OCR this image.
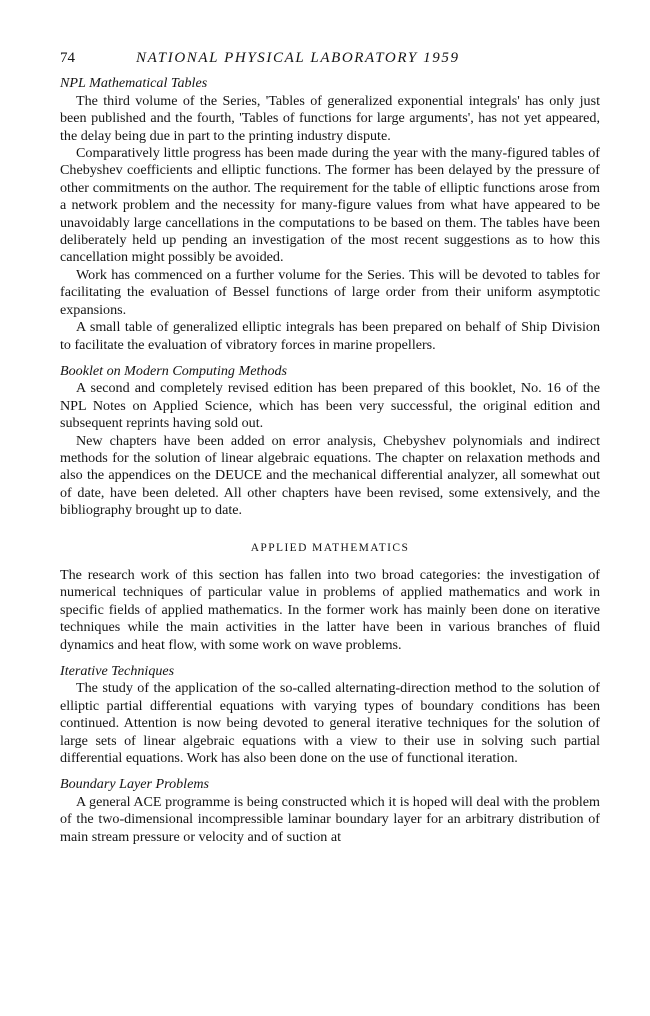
74	NATIONAL PHYSICAL LABORATORY 1959

NPL Mathematical Tables

The third volume of the Series, 'Tables of generalized exponential integrals' has only just been published and the fourth, 'Tables of functions for large arguments', has not yet appeared, the delay being due in part to the printing industry dispute.

Comparatively little progress has been made during the year with the many-figured tables of Chebyshev coefficients and elliptic functions. The former has been delayed by the pressure of other commitments on the author. The requirement for the table of elliptic functions arose from a network problem and the necessity for many-figure values from what have appeared to be unavoidably large cancellations in the computations to be based on them. The tables have been deliberately held up pending an investigation of the most recent suggestions as to how this cancellation might possibly be avoided.

Work has commenced on a further volume for the Series. This will be devoted to tables for facilitating the evaluation of Bessel functions of large order from their uniform asymptotic expansions.

A small table of generalized elliptic integrals has been prepared on behalf of Ship Division to facilitate the evaluation of vibratory forces in marine propellers.

Booklet on Modern Computing Methods

A second and completely revised edition has been prepared of this booklet, No. 16 of the NPL Notes on Applied Science, which has been very successful, the original edition and subsequent reprints having sold out.

New chapters have been added on error analysis, Chebyshev polynomials and indirect methods for the solution of linear algebraic equations. The chapter on relaxation methods and also the appendices on the DEUCE and the mechanical differential analyzer, all somewhat out of date, have been deleted. All other chapters have been revised, some extensively, and the bibliography brought up to date.

APPLIED MATHEMATICS

The research work of this section has fallen into two broad categories: the investigation of numerical techniques of particular value in problems of applied mathematics and work in specific fields of applied mathematics. In the former work has mainly been done on iterative techniques while the main activities in the latter have been in various branches of fluid dynamics and heat flow, with some work on wave problems.

Iterative Techniques

The study of the application of the so-called alternating-direction method to the solution of elliptic partial differential equations with varying types of boundary conditions has been continued. Attention is now being devoted to general iterative techniques for the solution of large sets of linear algebraic equations with a view to their use in solving such partial differential equations. Work has also been done on the use of functional iteration.

Boundary Layer Problems

A general ACE programme is being constructed which it is hoped will deal with the problem of the two-dimensional incompressible laminar boundary layer for an arbitrary distribution of main stream pressure or velocity and of suction at
